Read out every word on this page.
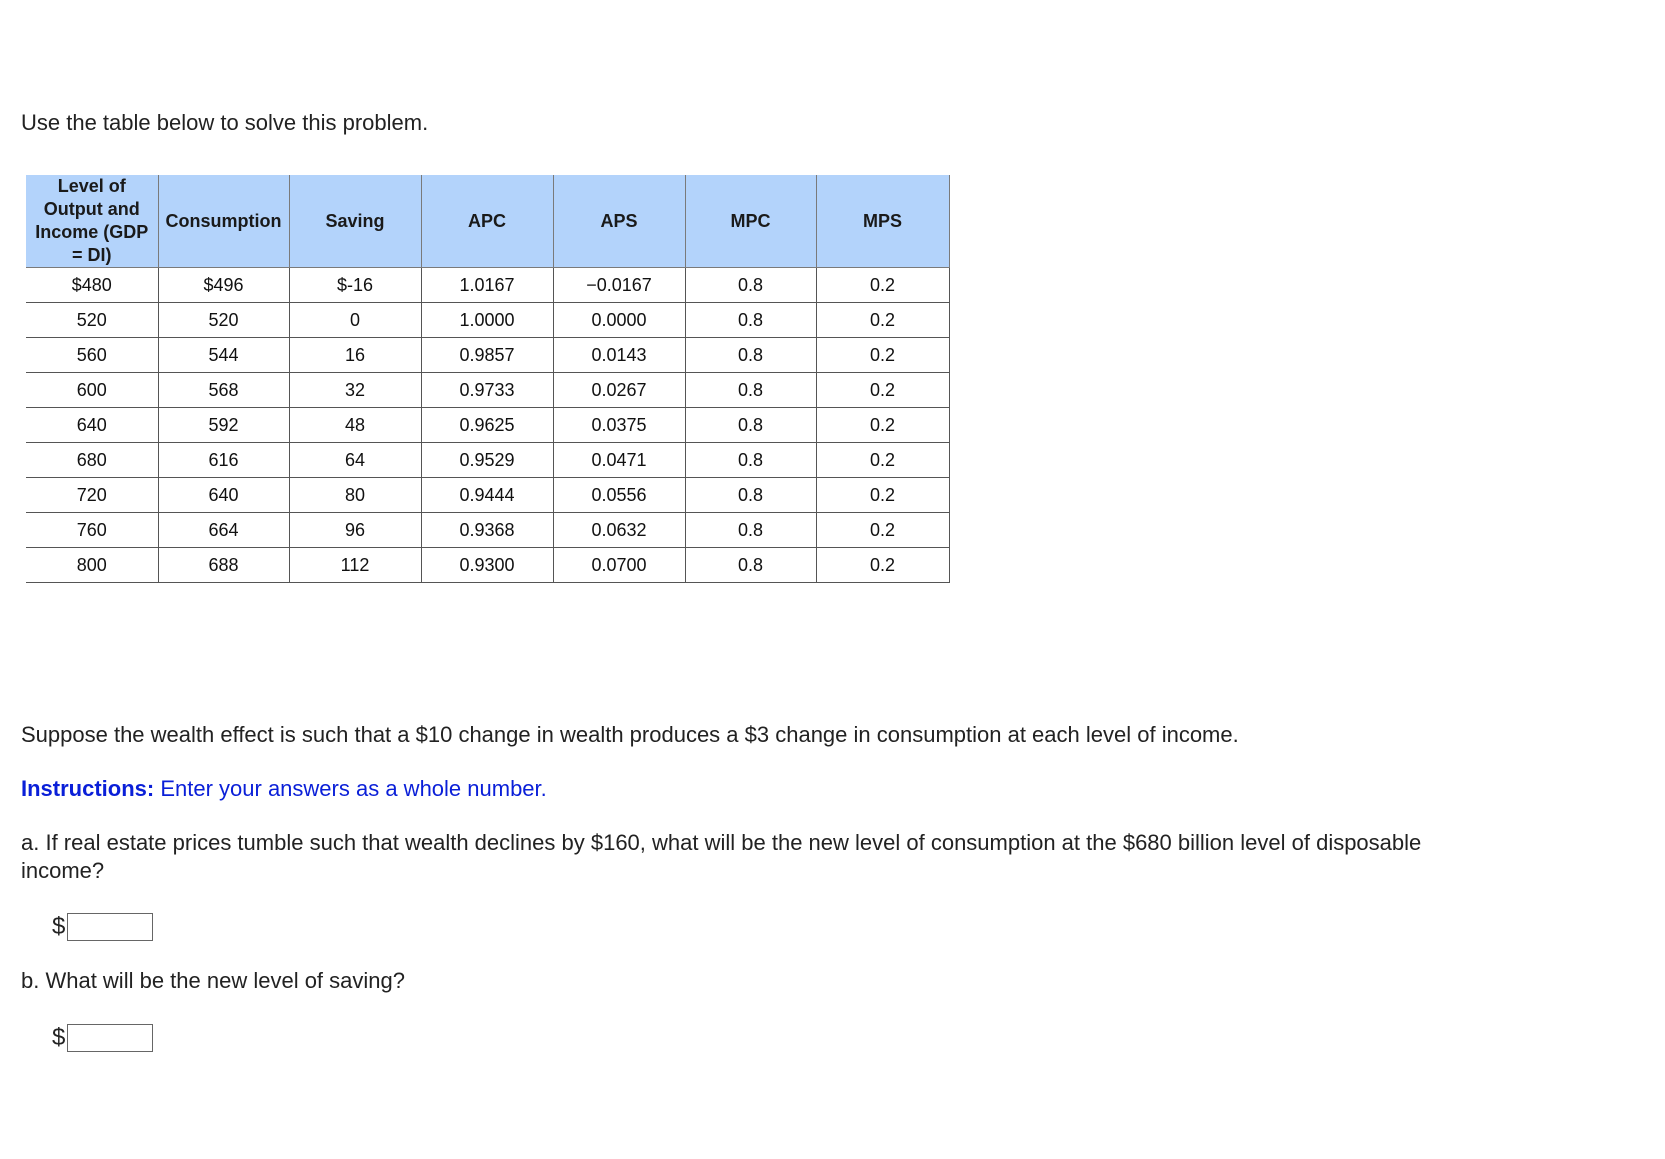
Use the table below to solve this problem.

Level of Output and Income (GDP = DI)	Consumption	Saving	APC	APS	MPC	MPS
$480	$496	$-16	1.0167	−0.0167	0.8	0.2
520	520	0	1.0000	0.0000	0.8	0.2
560	544	16	0.9857	0.0143	0.8	0.2
600	568	32	0.9733	0.0267	0.8	0.2
640	592	48	0.9625	0.0375	0.8	0.2
680	616	64	0.9529	0.0471	0.8	0.2
720	640	80	0.9444	0.0556	0.8	0.2
760	664	96	0.9368	0.0632	0.8	0.2
800	688	112	0.9300	0.0700	0.8	0.2

Suppose the wealth effect is such that a $10 change in wealth produces a $3 change in consumption at each level of income.

Instructions: Enter your answers as a whole number.

a. If real estate prices tumble such that wealth declines by $160, what will be the new level of consumption at the $680 billion level of disposable income?

$

b. What will be the new level of saving?

$
